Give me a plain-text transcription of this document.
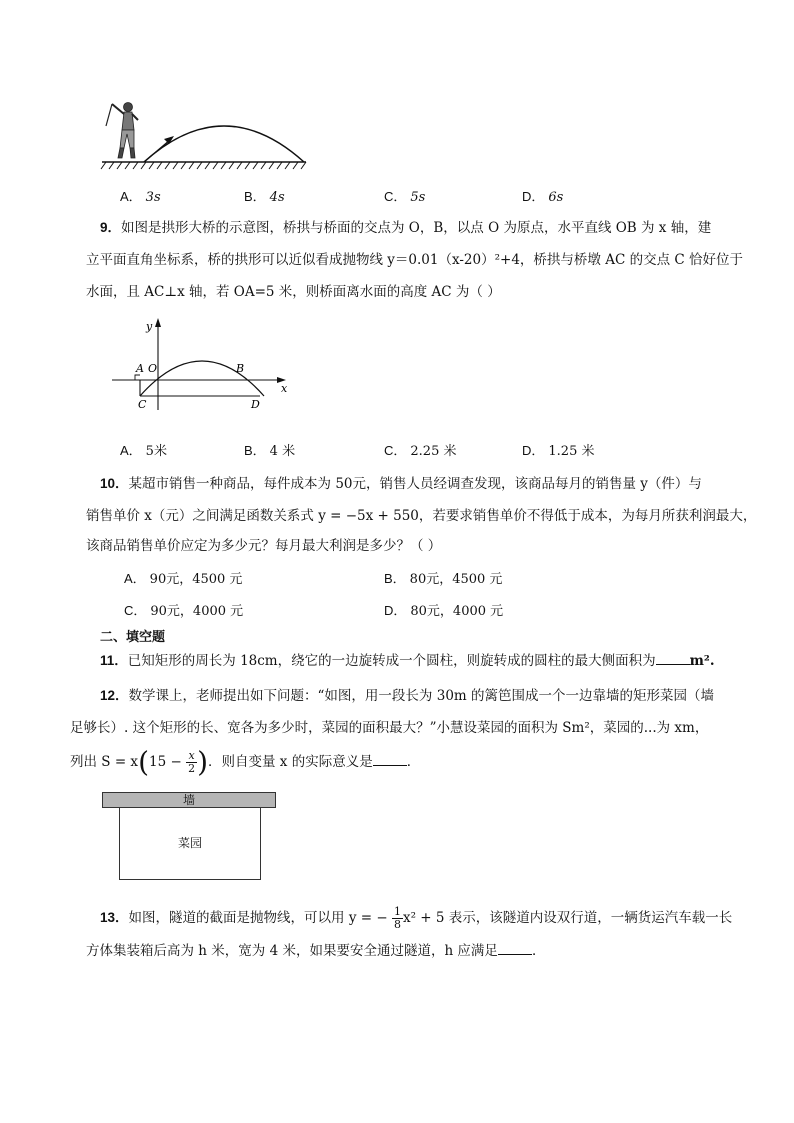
A． 3s	B． 4s	C． 5s	D． 6s
9．如图是拱形大桥的示意图，桥拱与桥面的交点为 O，B，以点 O 为原点，水平直线 OB 为 x 轴，建
立平面直角坐标系，桥的拱形可以近似看成抛物线 y＝0.01（x-20）²+4，桥拱与桥墩 AC 的交点 C 恰好位于
水面，且 AC⊥x 轴，若 OA=5 米，则桥面离水面的高度 AC 为（ ）
y
x
A O	B
C	D
A． 5米	B． 4 米	C． 2.25 米	D． 1.25 米
10．某超市销售一种商品，每件成本为 50元，销售人员经调查发现，该商品每月的销售量 y（件）与
销售单价 x（元）之间满足函数关系式 y = −5x + 550，若要求销售单价不得低于成本，为每月所获利润最大，
该商品销售单价应定为多少元？每月最大利润是多少？（ ）
A． 90元，4500 元	B． 80元，4500 元
C． 90元，4000 元	D． 80元，4000 元
二、填空题
11．已知矩形的周长为 18cm，绕它的一边旋转成一个圆柱，则旋转成的圆柱的最大侧面积为	m².
12．数学课上，老师提出如下问题：“如图，用一段长为 30m 的篱笆围成一个一边靠墙的矩形菜园（墙
足够长）. 这个矩形的长、宽各为多少时，菜园的面积最大？”小慧设菜园的面积为 Sm²，菜园的...为 xm，
列出 $S = x(15 - \frac{x}{2}$ )．则自变量 x 的实际意义是	．
墙
菜园
13．如图，隧道的截面是抛物线，可以用 y = − $\frac{1}{8} x^2 + 5$ 表示，该隧道内设双行道，一辆货运汽车载一长
方体集装箱后高为 h 米，宽为 4 米，如果要安全通过隧道，h 应满足	．
